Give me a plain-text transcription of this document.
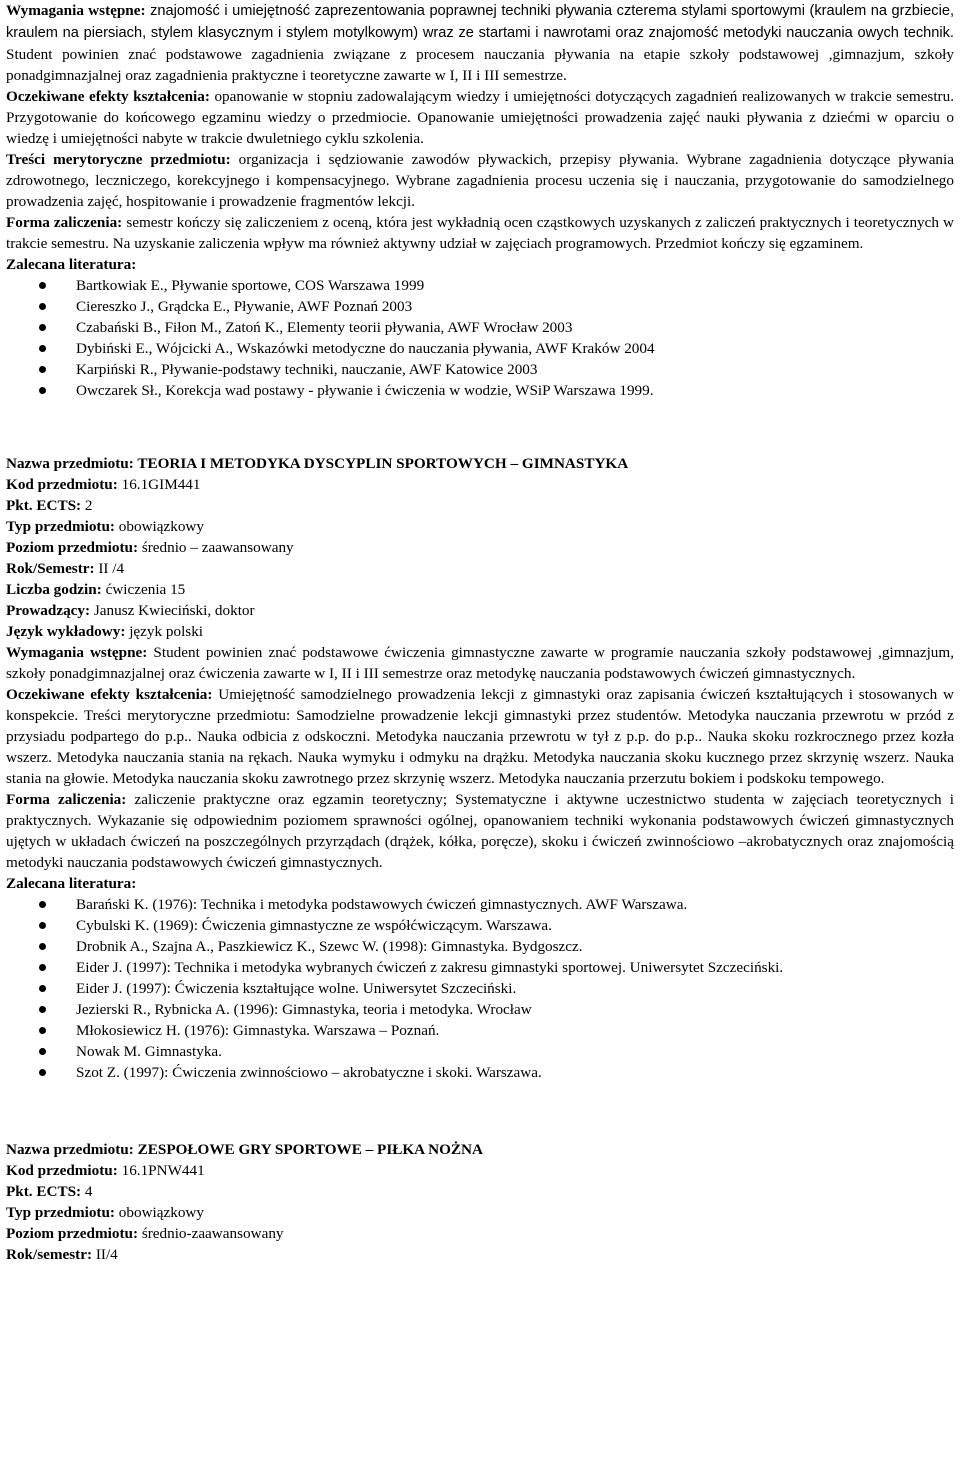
Wymagania wstępne: znajomość i umiejętność zaprezentowania poprawnej techniki pływania czterema stylami sportowymi (kraulem na grzbiecie, kraulem na piersiach, stylem klasycznym i stylem motylkowym) wraz ze startami i nawrotami oraz znajomość metodyki nauczania owych technik. Student powinien znać podstawowe zagadnienia związane z procesem nauczania pływania na etapie szkoły podstawowej ,gimnazjum, szkoły ponadgimnazjalnej oraz zagadnienia praktyczne i teoretyczne zawarte w I, II i III semestrze.

Oczekiwane efekty kształcenia: opanowanie w stopniu zadowalającym wiedzy i umiejętności dotyczących zagadnień realizowanych w trakcie semestru. Przygotowanie do końcowego egzaminu wiedzy o przedmiocie. Opanowanie umiejętności prowadzenia zajęć nauki pływania z dziećmi w oparciu o wiedzę i umiejętności nabyte w trakcie dwuletniego cyklu szkolenia.

Treści merytoryczne przedmiotu: organizacja i sędziowanie zawodów pływackich, przepisy pływania. Wybrane zagadnienia dotyczące pływania zdrowotnego, leczniczego, korekcyjnego i kompensacyjnego. Wybrane zagadnienia procesu uczenia się i nauczania, przygotowanie do samodzielnego prowadzenia zajęć, hospitowanie i prowadzenie fragmentów lekcji.

Forma zaliczenia: semestr kończy się zaliczeniem z oceną, która jest wykładnią ocen cząstkowych uzyskanych z zaliczeń praktycznych i teoretycznych w trakcie semestru. Na uzyskanie zaliczenia wpływ ma również aktywny udział w zajęciach programowych. Przedmiot kończy się egzaminem.

Zalecana literatura:

Bartkowiak E., Pływanie sportowe, COS Warszawa 1999
Ciereszko J., Grądcka E., Pływanie, AWF Poznań 2003
Czabański B., Fiłon M., Zatoń K., Elementy teorii pływania, AWF Wrocław 2003
Dybiński E., Wójcicki A., Wskazówki metodyczne do nauczania pływania, AWF Kraków 2004
Karpiński R., Pływanie-podstawy techniki, nauczanie, AWF Katowice 2003
Owczarek Sł., Korekcja wad postawy - pływanie i ćwiczenia w wodzie, WSiP Warszawa 1999.

Nazwa przedmiotu: TEORIA I METODYKA DYSCYPLIN SPORTOWYCH – GIMNASTYKA

Kod przedmiotu: 16.1GIM441

Pkt. ECTS: 2

Typ przedmiotu: obowiązkowy

Poziom przedmiotu: średnio – zaawansowany

Rok/Semestr: II /4

Liczba godzin: ćwiczenia 15

Prowadzący: Janusz Kwieciński, doktor

Język wykładowy: język polski

Wymagania wstępne: Student powinien znać podstawowe ćwiczenia gimnastyczne zawarte w programie nauczania szkoły podstawowej ,gimnazjum, szkoły ponadgimnazjalnej oraz ćwiczenia zawarte w I, II i III semestrze oraz metodykę nauczania podstawowych ćwiczeń gimnastycznych.

Oczekiwane efekty kształcenia: Umiejętność samodzielnego prowadzenia lekcji z gimnastyki oraz zapisania ćwiczeń kształtujących i stosowanych w konspekcie. Treści merytoryczne przedmiotu: Samodzielne prowadzenie lekcji gimnastyki przez studentów. Metodyka nauczania przewrotu w przód z przysiadu podpartego do p.p.. Nauka odbicia z odskoczni. Metodyka nauczania przewrotu w tył z p.p. do p.p.. Nauka skoku rozkrocznego przez kozła wszerz. Metodyka nauczania stania na rękach. Nauka wymyku i odmyku na drążku. Metodyka nauczania skoku kucznego przez skrzynię wszerz. Nauka stania na głowie. Metodyka nauczania skoku zawrotnego przez skrzynię wszerz. Metodyka nauczania przerzutu bokiem i podskoku tempowego.

Forma zaliczenia: zaliczenie praktyczne oraz egzamin teoretyczny; Systematyczne i aktywne uczestnictwo studenta w zajęciach teoretycznych i praktycznych. Wykazanie się odpowiednim poziomem sprawności ogólnej, opanowaniem techniki wykonania podstawowych ćwiczeń gimnastycznych ujętych w układach ćwiczeń na poszczególnych przyrządach (drążek, kółka, poręcze), skoku i ćwiczeń zwinnościowo –akrobatycznych oraz znajomością metodyki nauczania podstawowych ćwiczeń gimnastycznych.

Zalecana literatura:

Barański K. (1976): Technika i metodyka podstawowych ćwiczeń gimnastycznych. AWF Warszawa.
Cybulski K. (1969): Ćwiczenia gimnastyczne ze współćwiczącym. Warszawa.
Drobnik A., Szajna A., Paszkiewicz K., Szewc W. (1998): Gimnastyka. Bydgoszcz.
Eider J. (1997): Technika i metodyka wybranych ćwiczeń z zakresu gimnastyki sportowej. Uniwersytet Szczeciński.
Eider J. (1997): Ćwiczenia kształtujące wolne. Uniwersytet Szczeciński.
Jezierski R., Rybnicka A. (1996): Gimnastyka, teoria i metodyka. Wrocław
Młokosiewicz H. (1976): Gimnastyka. Warszawa – Poznań.
Nowak M. Gimnastyka.
Szot Z. (1997): Ćwiczenia zwinnościowo – akrobatyczne i skoki. Warszawa.

Nazwa przedmiotu: ZESPOŁOWE GRY SPORTOWE – PIŁKA NOŻNA

Kod przedmiotu: 16.1PNW441

Pkt. ECTS: 4

Typ przedmiotu: obowiązkowy

Poziom przedmiotu: średnio-zaawansowany

Rok/semestr: II/4
